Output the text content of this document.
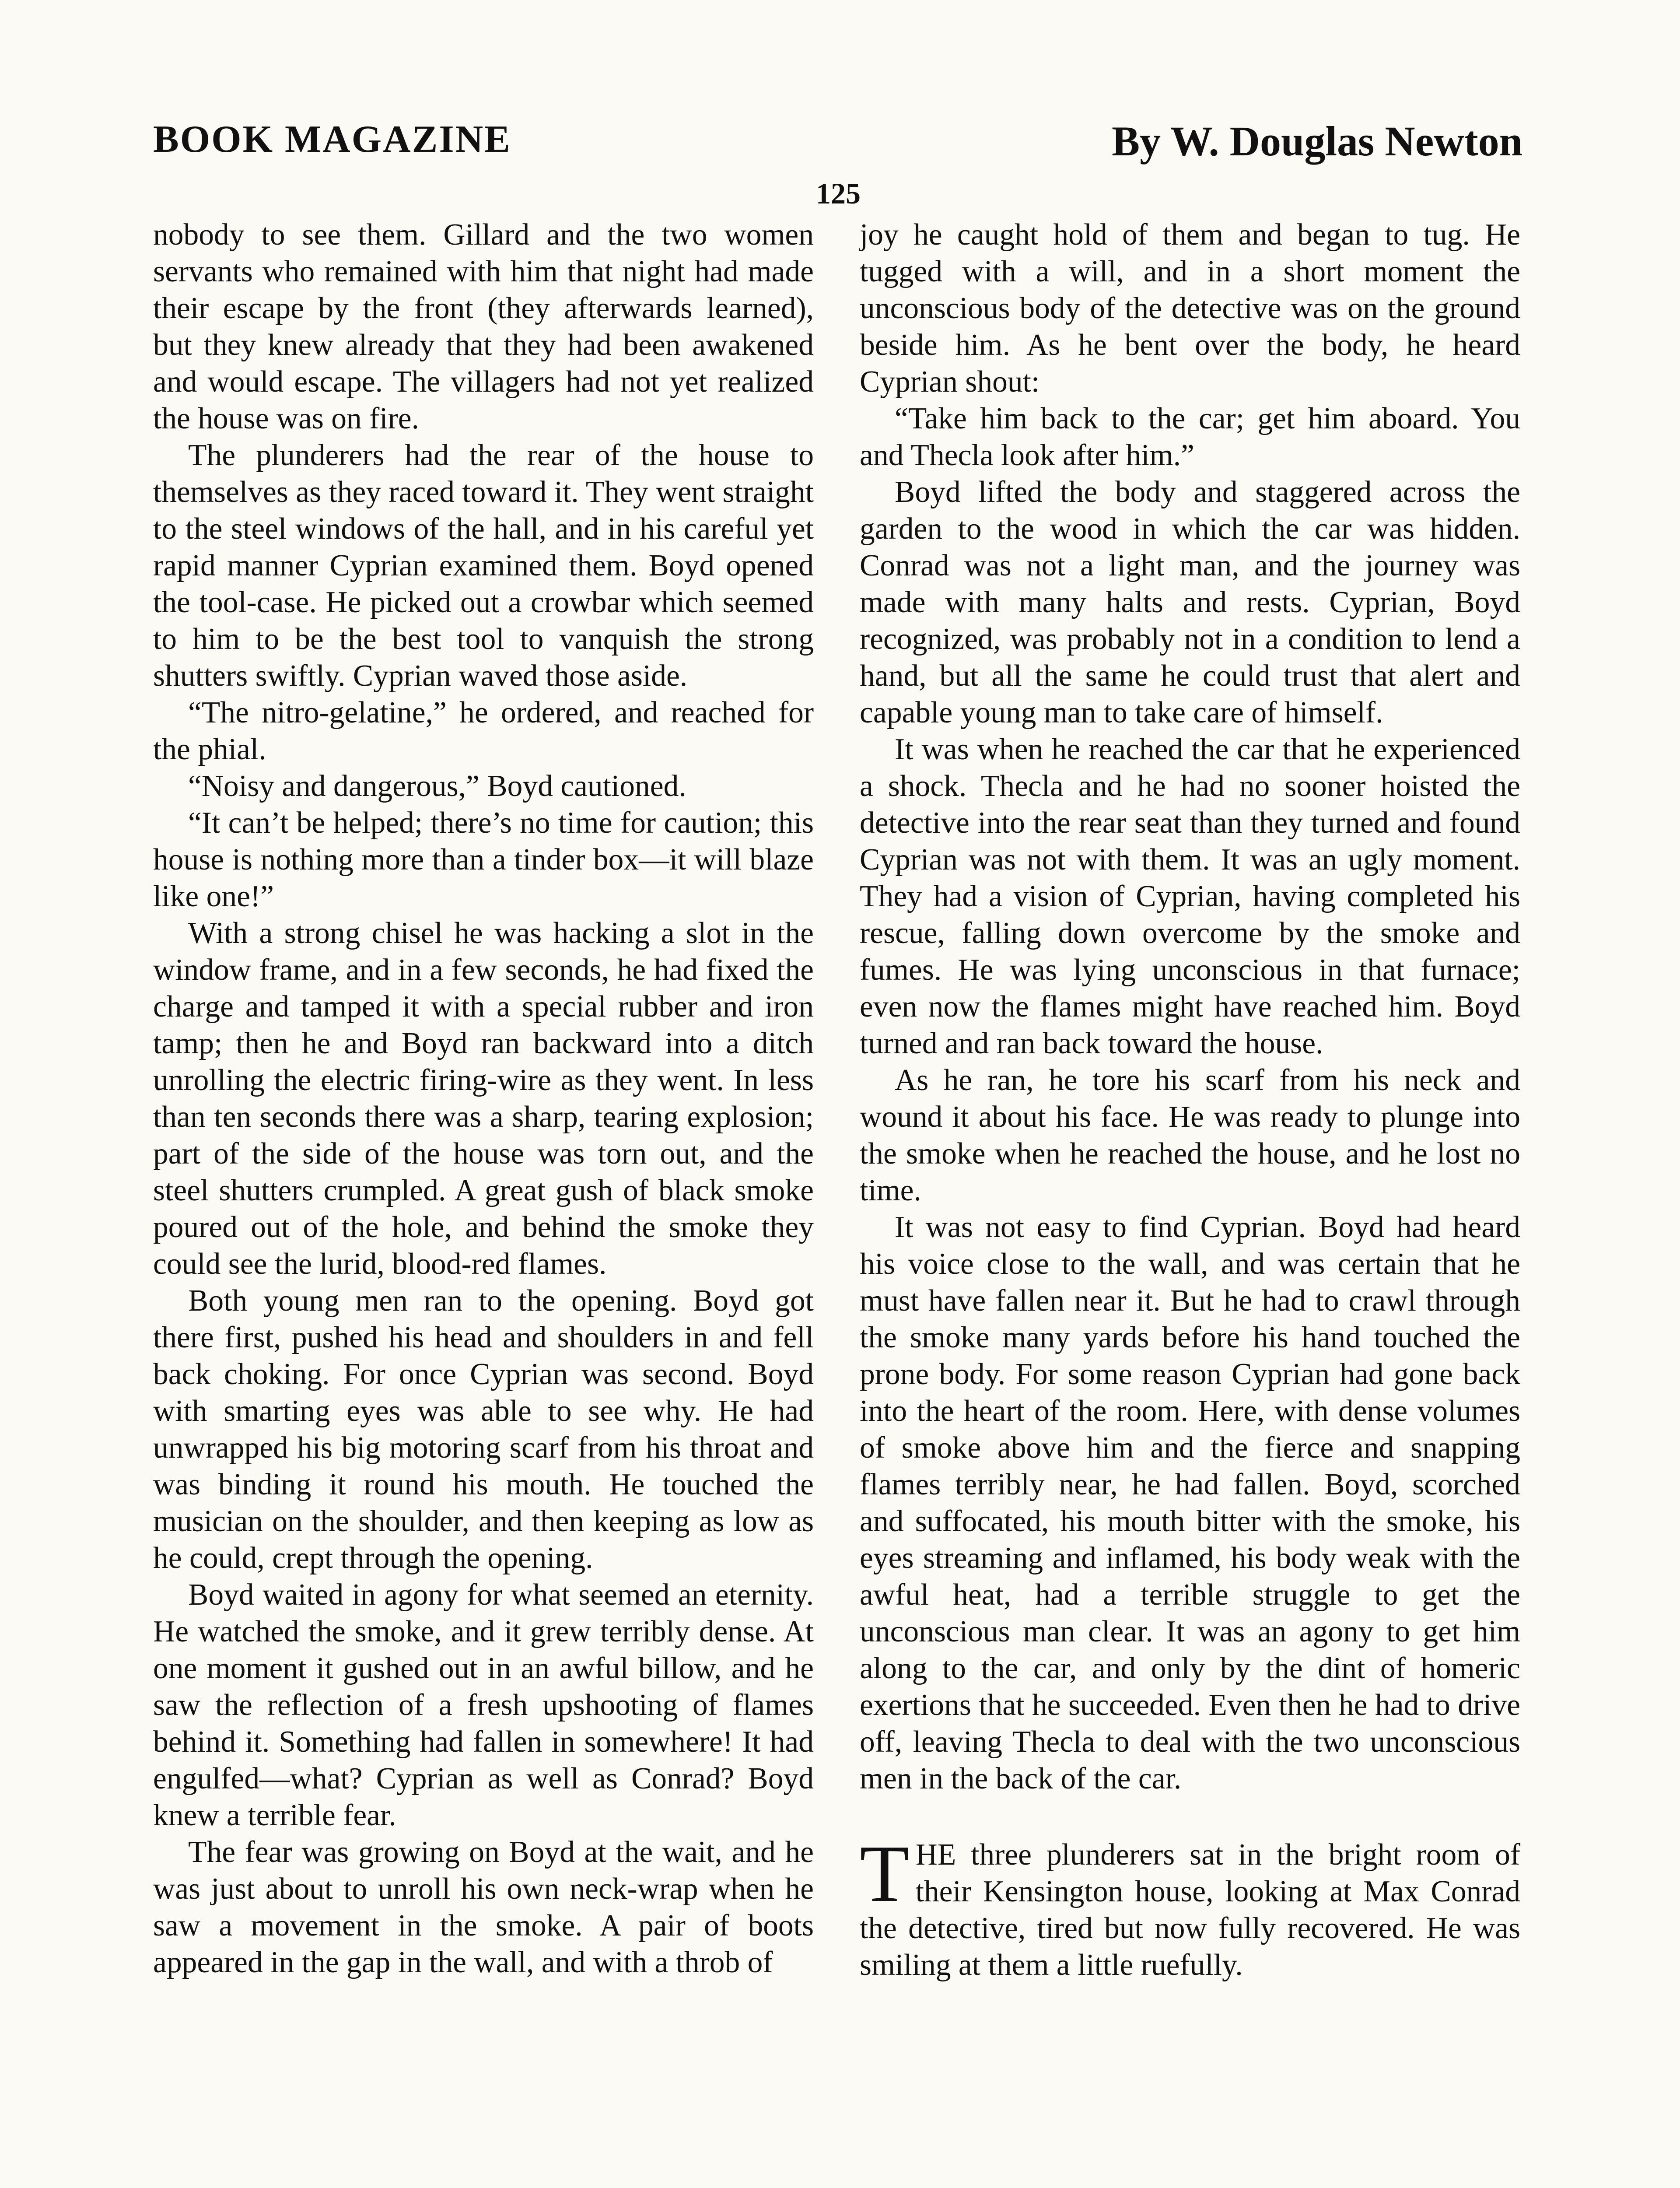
BOOK MAGAZINE	By W. Douglas Newton
125

nobody to see them. Gillard and the two women servants who remained with him that night had made their escape by the front (they afterwards learned), but they knew already that they had been awakened and would escape. The villagers had not yet realized the house was on fire.

The plunderers had the rear of the house to themselves as they raced toward it. They went straight to the steel windows of the hall, and in his careful yet rapid manner Cyprian examined them. Boyd opened the tool-case. He picked out a crowbar which seemed to him to be the best tool to vanquish the strong shutters swiftly. Cyprian waved those aside.

“The nitro-gelatine,” he ordered, and reached for the phial.

“Noisy and dangerous,” Boyd cautioned.

“It can’t be helped; there’s no time for caution; this house is nothing more than a tinder box—it will blaze like one!”

With a strong chisel he was hacking a slot in the window frame, and in a few seconds, he had fixed the charge and tamped it with a special rubber and iron tamp; then he and Boyd ran backward into a ditch unrolling the electric firing-wire as they went. In less than ten seconds there was a sharp, tearing explosion; part of the side of the house was torn out, and the steel shutters crumpled. A great gush of black smoke poured out of the hole, and behind the smoke they could see the lurid, blood-red flames.

Both young men ran to the opening. Boyd got there first, pushed his head and shoulders in and fell back choking. For once Cyprian was second. Boyd with smarting eyes was able to see why. He had unwrapped his big motoring scarf from his throat and was binding it round his mouth. He touched the musician on the shoulder, and then keeping as low as he could, crept through the opening.

Boyd waited in agony for what seemed an eternity. He watched the smoke, and it grew terribly dense. At one moment it gushed out in an awful billow, and he saw the reflection of a fresh upshooting of flames behind it. Something had fallen in somewhere! It had engulfed—what? Cyprian as well as Conrad? Boyd knew a terrible fear.

The fear was growing on Boyd at the wait, and he was just about to unroll his own neck-wrap when he saw a movement in the smoke. A pair of boots appeared in the gap in the wall, and with a throb of

joy he caught hold of them and began to tug. He tugged with a will, and in a short moment the unconscious body of the detective was on the ground beside him. As he bent over the body, he heard Cyprian shout:

“Take him back to the car; get him aboard. You and Thecla look after him.”

Boyd lifted the body and staggered across the garden to the wood in which the car was hidden. Conrad was not a light man, and the journey was made with many halts and rests. Cyprian, Boyd recognized, was probably not in a condition to lend a hand, but all the same he could trust that alert and capable young man to take care of himself.

It was when he reached the car that he experienced a shock. Thecla and he had no sooner hoisted the detective into the rear seat than they turned and found Cyprian was not with them. It was an ugly moment. They had a vision of Cyprian, having completed his rescue, falling down overcome by the smoke and fumes. He was lying unconscious in that furnace; even now the flames might have reached him. Boyd turned and ran back toward the house.

As he ran, he tore his scarf from his neck and wound it about his face. He was ready to plunge into the smoke when he reached the house, and he lost no time.

It was not easy to find Cyprian. Boyd had heard his voice close to the wall, and was certain that he must have fallen near it. But he had to crawl through the smoke many yards before his hand touched the prone body. For some reason Cyprian had gone back into the heart of the room. Here, with dense volumes of smoke above him and the fierce and snapping flames terribly near, he had fallen. Boyd, scorched and suffocated, his mouth bitter with the smoke, his eyes streaming and inflamed, his body weak with the awful heat, had a terrible struggle to get the unconscious man clear. It was an agony to get him along to the car, and only by the dint of homeric exertions that he succeeded. Even then he had to drive off, leaving Thecla to deal with the two unconscious men in the back of the car.

THE three plunderers sat in the bright room of their Kensington house, looking at Max Conrad the detective, tired but now fully recovered. He was smiling at them a little ruefully.
